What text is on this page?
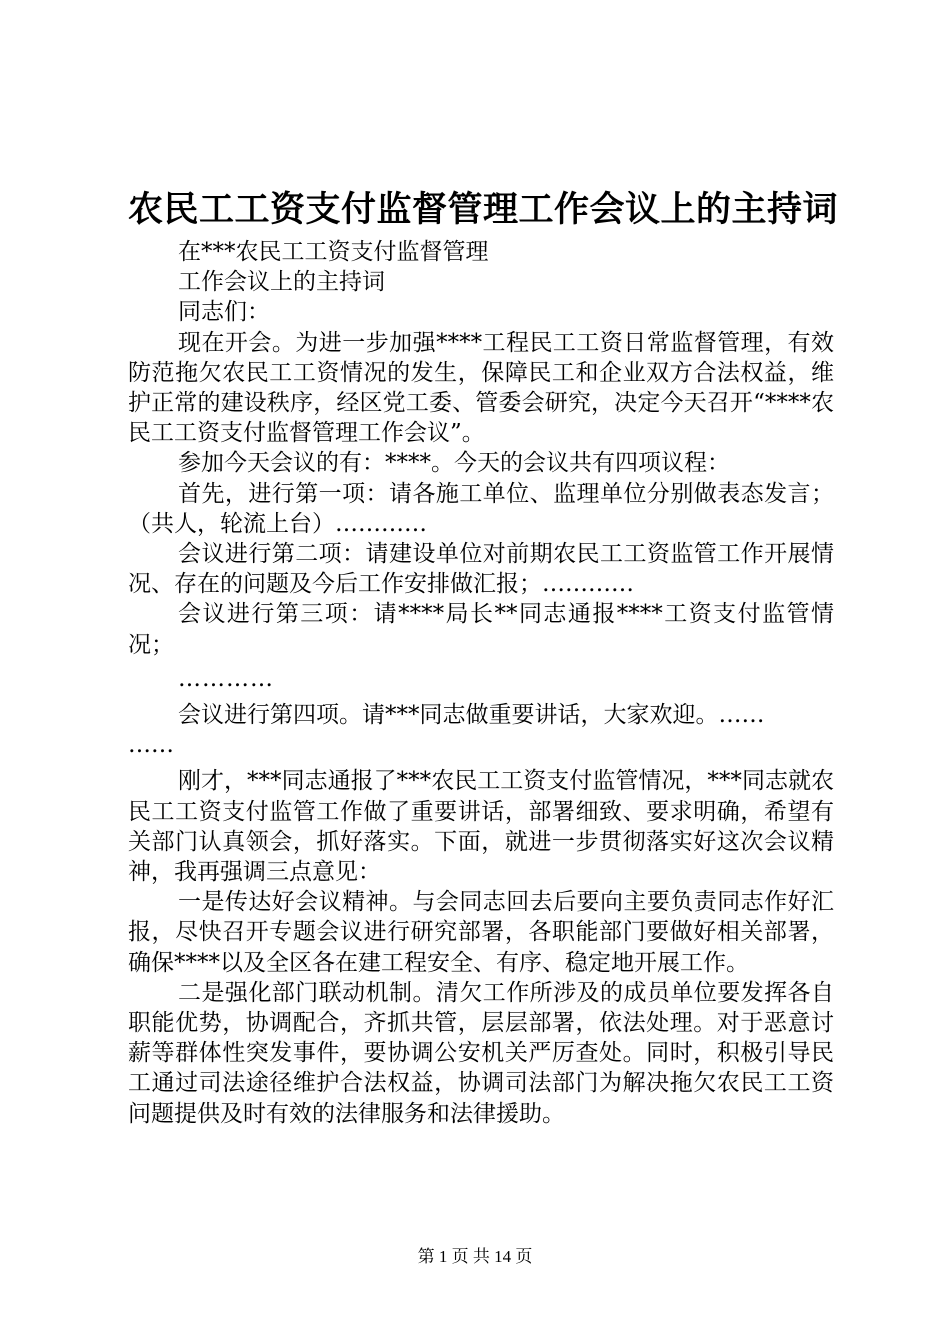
农民工工资支付监督管理工作会议上的主持词

在***农民工工资支付监督管理

工作会议上的主持词

同志们：

现在开会。为进一步加强****工程民工工资日常监督管理，有效防范拖欠农民工工资情况的发生，保障民工和企业双方合法权益，维护正常的建设秩序，经区党工委、管委会研究，决定今天召开“****农民工工资支付监督管理工作会议”。

参加今天会议的有：****。今天的会议共有四项议程：

首先，进行第一项：请各施工单位、监理单位分别做表态发言；（共人，轮流上台）…………

会议进行第二项：请建设单位对前期农民工工资监管工作开展情况、存在的问题及今后工作安排做汇报；…………

会议进行第三项：请****局长**同志通报****工资支付监管情况；

…………

会议进行第四项。请***同志做重要讲话，大家欢迎。……

……

刚才，***同志通报了***农民工工资支付监管情况，***同志就农民工工资支付监管工作做了重要讲话，部署细致、要求明确，希望有关部门认真领会，抓好落实。下面，就进一步贯彻落实好这次会议精神，我再强调三点意见：

一是传达好会议精神。与会同志回去后要向主要负责同志作好汇报，尽快召开专题会议进行研究部署，各职能部门要做好相关部署，确保****以及全区各在建工程安全、有序、稳定地开展工作。

二是强化部门联动机制。清欠工作所涉及的成员单位要发挥各自职能优势，协调配合，齐抓共管，层层部署，依法处理。对于恶意讨薪等群体性突发事件，要协调公安机关严厉查处。同时，积极引导民工通过司法途径维护合法权益，协调司法部门为解决拖欠农民工工资问题提供及时有效的法律服务和法律援助。

第 1 页 共 14 页
